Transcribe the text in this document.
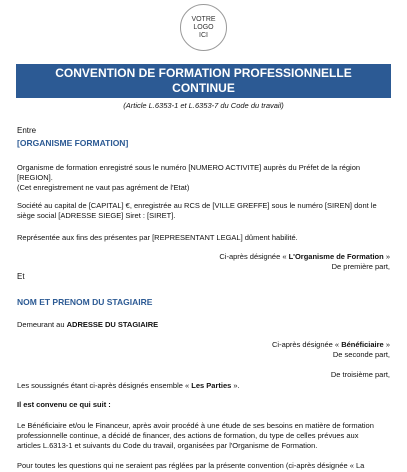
VOTRE
LOGO
ICI
CONVENTION DE FORMATION PROFESSIONNELLE
CONTINUE
(Article L.6353-1 et L.6353-7 du Code du travail)
Entre
[ORGANISME FORMATION]
Organisme de formation enregistré sous le numéro [NUMERO ACTIVITE] auprès du Préfet de la région
[REGION].
(Cet enregistrement ne vaut pas agrément de l'Etat)
Société au capital de [CAPITAL] €, enregistrée au RCS de [VILLE GREFFE] sous le numéro [SIREN] dont le
siège social [ADRESSE SIEGE] Siret : [SIRET].
Représentée aux fins des présentes par [REPRESENTANT LEGAL] dûment habilité.
Ci-après désignée « L'Organisme de Formation »
De première part,
Et
NOM ET PRENOM DU STAGIAIRE
Demeurant au ADRESSE DU STAGIAIRE
Ci-après désignée « Bénéficiaire »
De seconde part,
De troisième part,
Les soussignés étant ci-après désignés ensemble « Les Parties ».
Il est convenu ce qui suit :
Le Bénéficiaire et/ou le Financeur, après avoir procédé à une étude de ses besoins en matière de formation
professionnelle continue, a décidé de financer, des actions de formation, du type de celles prévues aux
articles L.6313-1 et suivants du Code du travail, organisées par l'Organisme de Formation.
Pour toutes les questions qui ne seraient pas réglées par la présente convention (ci-après désignée « La
